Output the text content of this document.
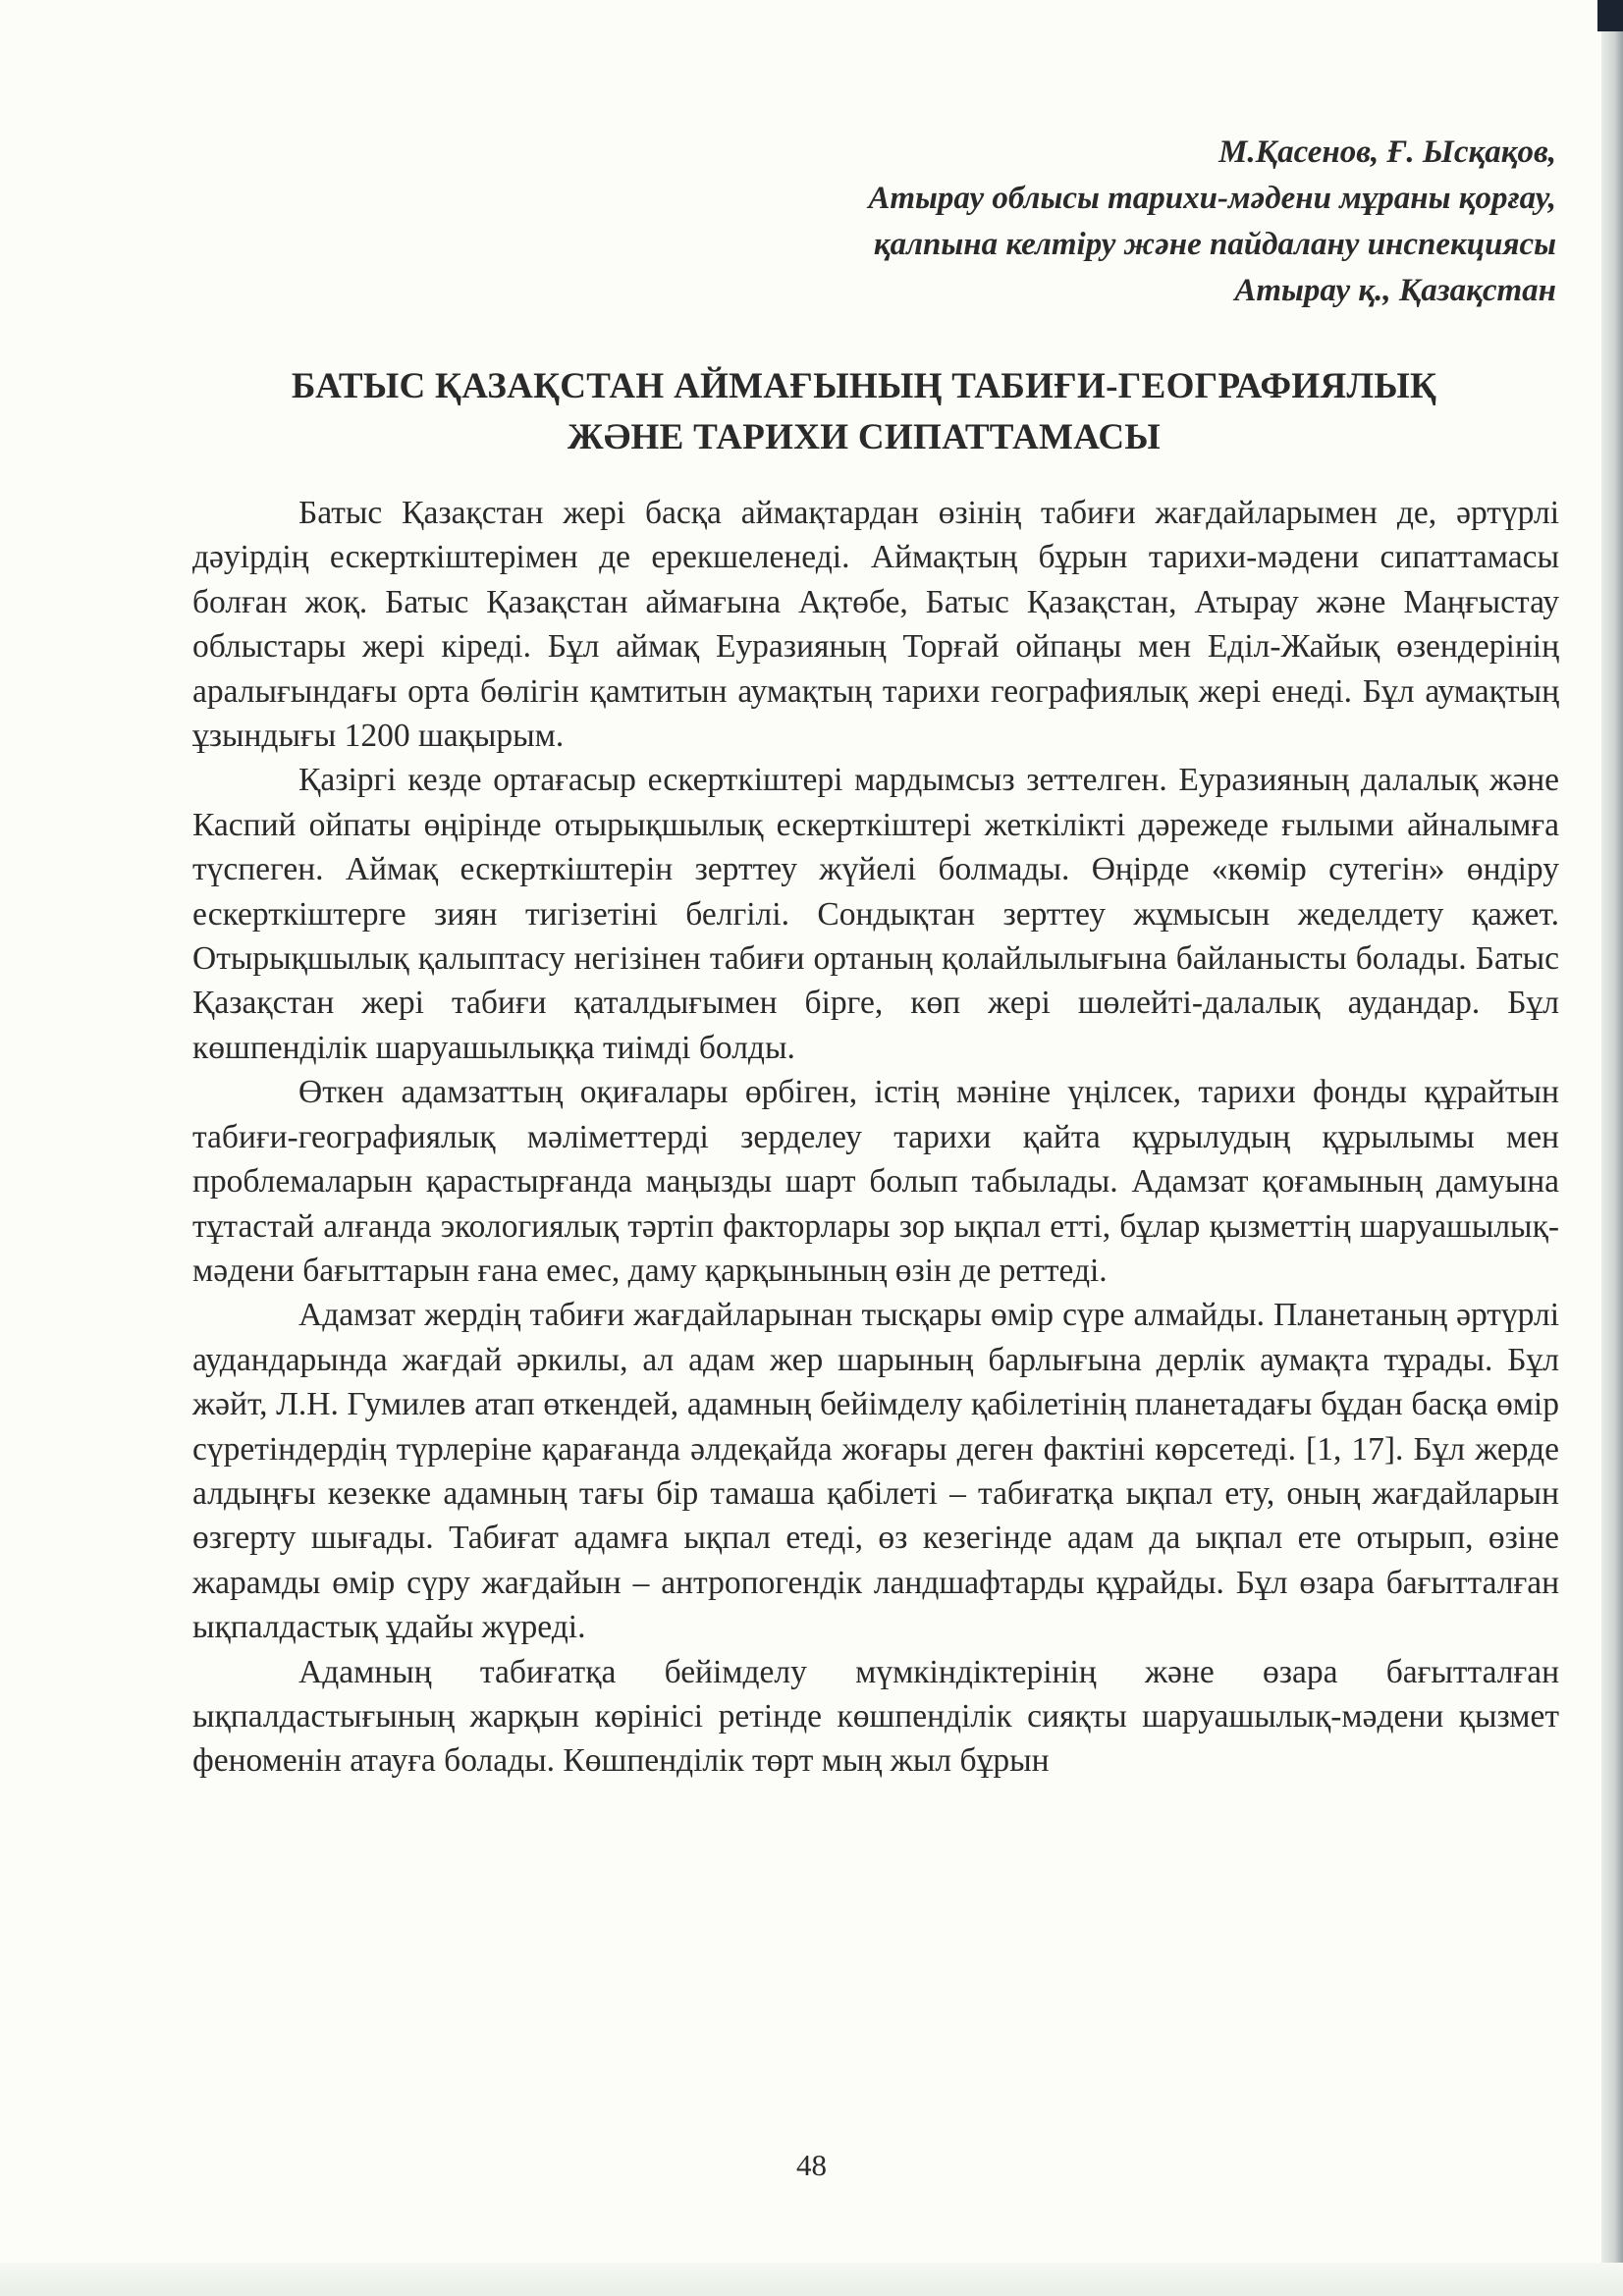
М.Қасенов, Ғ. Ысқақов,
Атырау облысы тарихи-мәдени мұраны қорғау,
қалпына келтіру және пайдалану инспекциясы
Атырау қ., Қазақстан
БАТЫС ҚАЗАҚСТАН АЙМАҒЫНЫҢ ТАБИҒИ-ГЕОГРАФИЯЛЫҚ
ЖӘНЕ ТАРИХИ СИПАТТАМАСЫ

Батыс Қазақстан жері басқа аймақтардан өзінің табиғи жағдайларымен де, әртүрлі дәуірдің ескерткіштерімен де ерекшеленеді. Аймақтың бұрын тарихи-мәдени сипаттамасы болған жоқ. Батыс Қазақстан аймағына Ақтөбе, Батыс Қазақстан, Атырау және Маңғыстау облыстары жері кіреді. Бұл аймақ Еуразияның Торғай ойпаңы мен Еділ-Жайық өзендерінің аралығындағы орта бөлігін қамтитын аумақтың тарихи географиялық жері енеді. Бұл аумақтың ұзындығы 1200 шақырым.

Қазіргі кезде ортағасыр ескерткіштері мардымсыз зеттелген. Еуразияның далалық және Каспий ойпаты өңірінде отырықшылық ескерткіштері жеткілікті дәрежеде ғылыми айналымға түспеген. Аймақ ескерткіштерін зерттеу жүйелі болмады. Өңірде «көмір сутегін» өндіру ескерткіштерге зиян тигізетіні белгілі. Сондықтан зерттеу жұмысын жеделдету қажет. Отырықшылық қалыптасу негізінен табиғи ортаның қолайлылығына байланысты болады. Батыс Қазақстан жері табиғи қаталдығымен бірге, көп жері шөлейті-далалық аудандар. Бұл көшпенділік шаруашылыққа тиімді болды.

Өткен адамзаттың оқиғалары өрбіген, істің мәніне үңілсек, тарихи фонды құрайтын табиғи-географиялық мәліметтерді зерделеу тарихи қайта құрылудың құрылымы мен проблемаларын қарастырғанда маңызды шарт болып табылады. Адамзат қоғамының дамуына тұтастай алғанда экологиялық тәртіп факторлары зор ықпал етті, бұлар қызметтің шаруашылық-мәдени бағыттарын ғана емес, даму қарқынының өзін де реттеді.

Адамзат жердің табиғи жағдайларынан тысқары өмір сүре алмайды. Планетаның әртүрлі аудандарында жағдай әркилы, ал адам жер шарының барлығына дерлік аумақта тұрады. Бұл жәйт, Л.Н. Гумилев атап өткендей, адамның бейімделу қабілетінің планетадағы бұдан басқа өмір сүретіндердің түрлеріне қарағанда әлдеқайда жоғары деген фактіні көрсетеді. [1, 17]. Бұл жерде алдыңғы кезекке адамның тағы бір тамаша қабілеті – табиғатқа ықпал ету, оның жағдайларын өзгерту шығады. Табиғат адамға ықпал етеді, өз кезегінде адам да ықпал ете отырып, өзіне жарамды өмір сүру жағдайын – антропогендік ландшафтарды құрайды. Бұл өзара бағытталған ықпалдастық ұдайы жүреді.

Адамның табиғатқа бейімделу мүмкіндіктерінің және өзара бағытталған ықпалдастығының жарқын көрінісі ретінде көшпенділік сияқты шаруашылық-мәдени қызмет феноменін атауға болады. Көшпенділік төрт мың жыл бұрын

48
